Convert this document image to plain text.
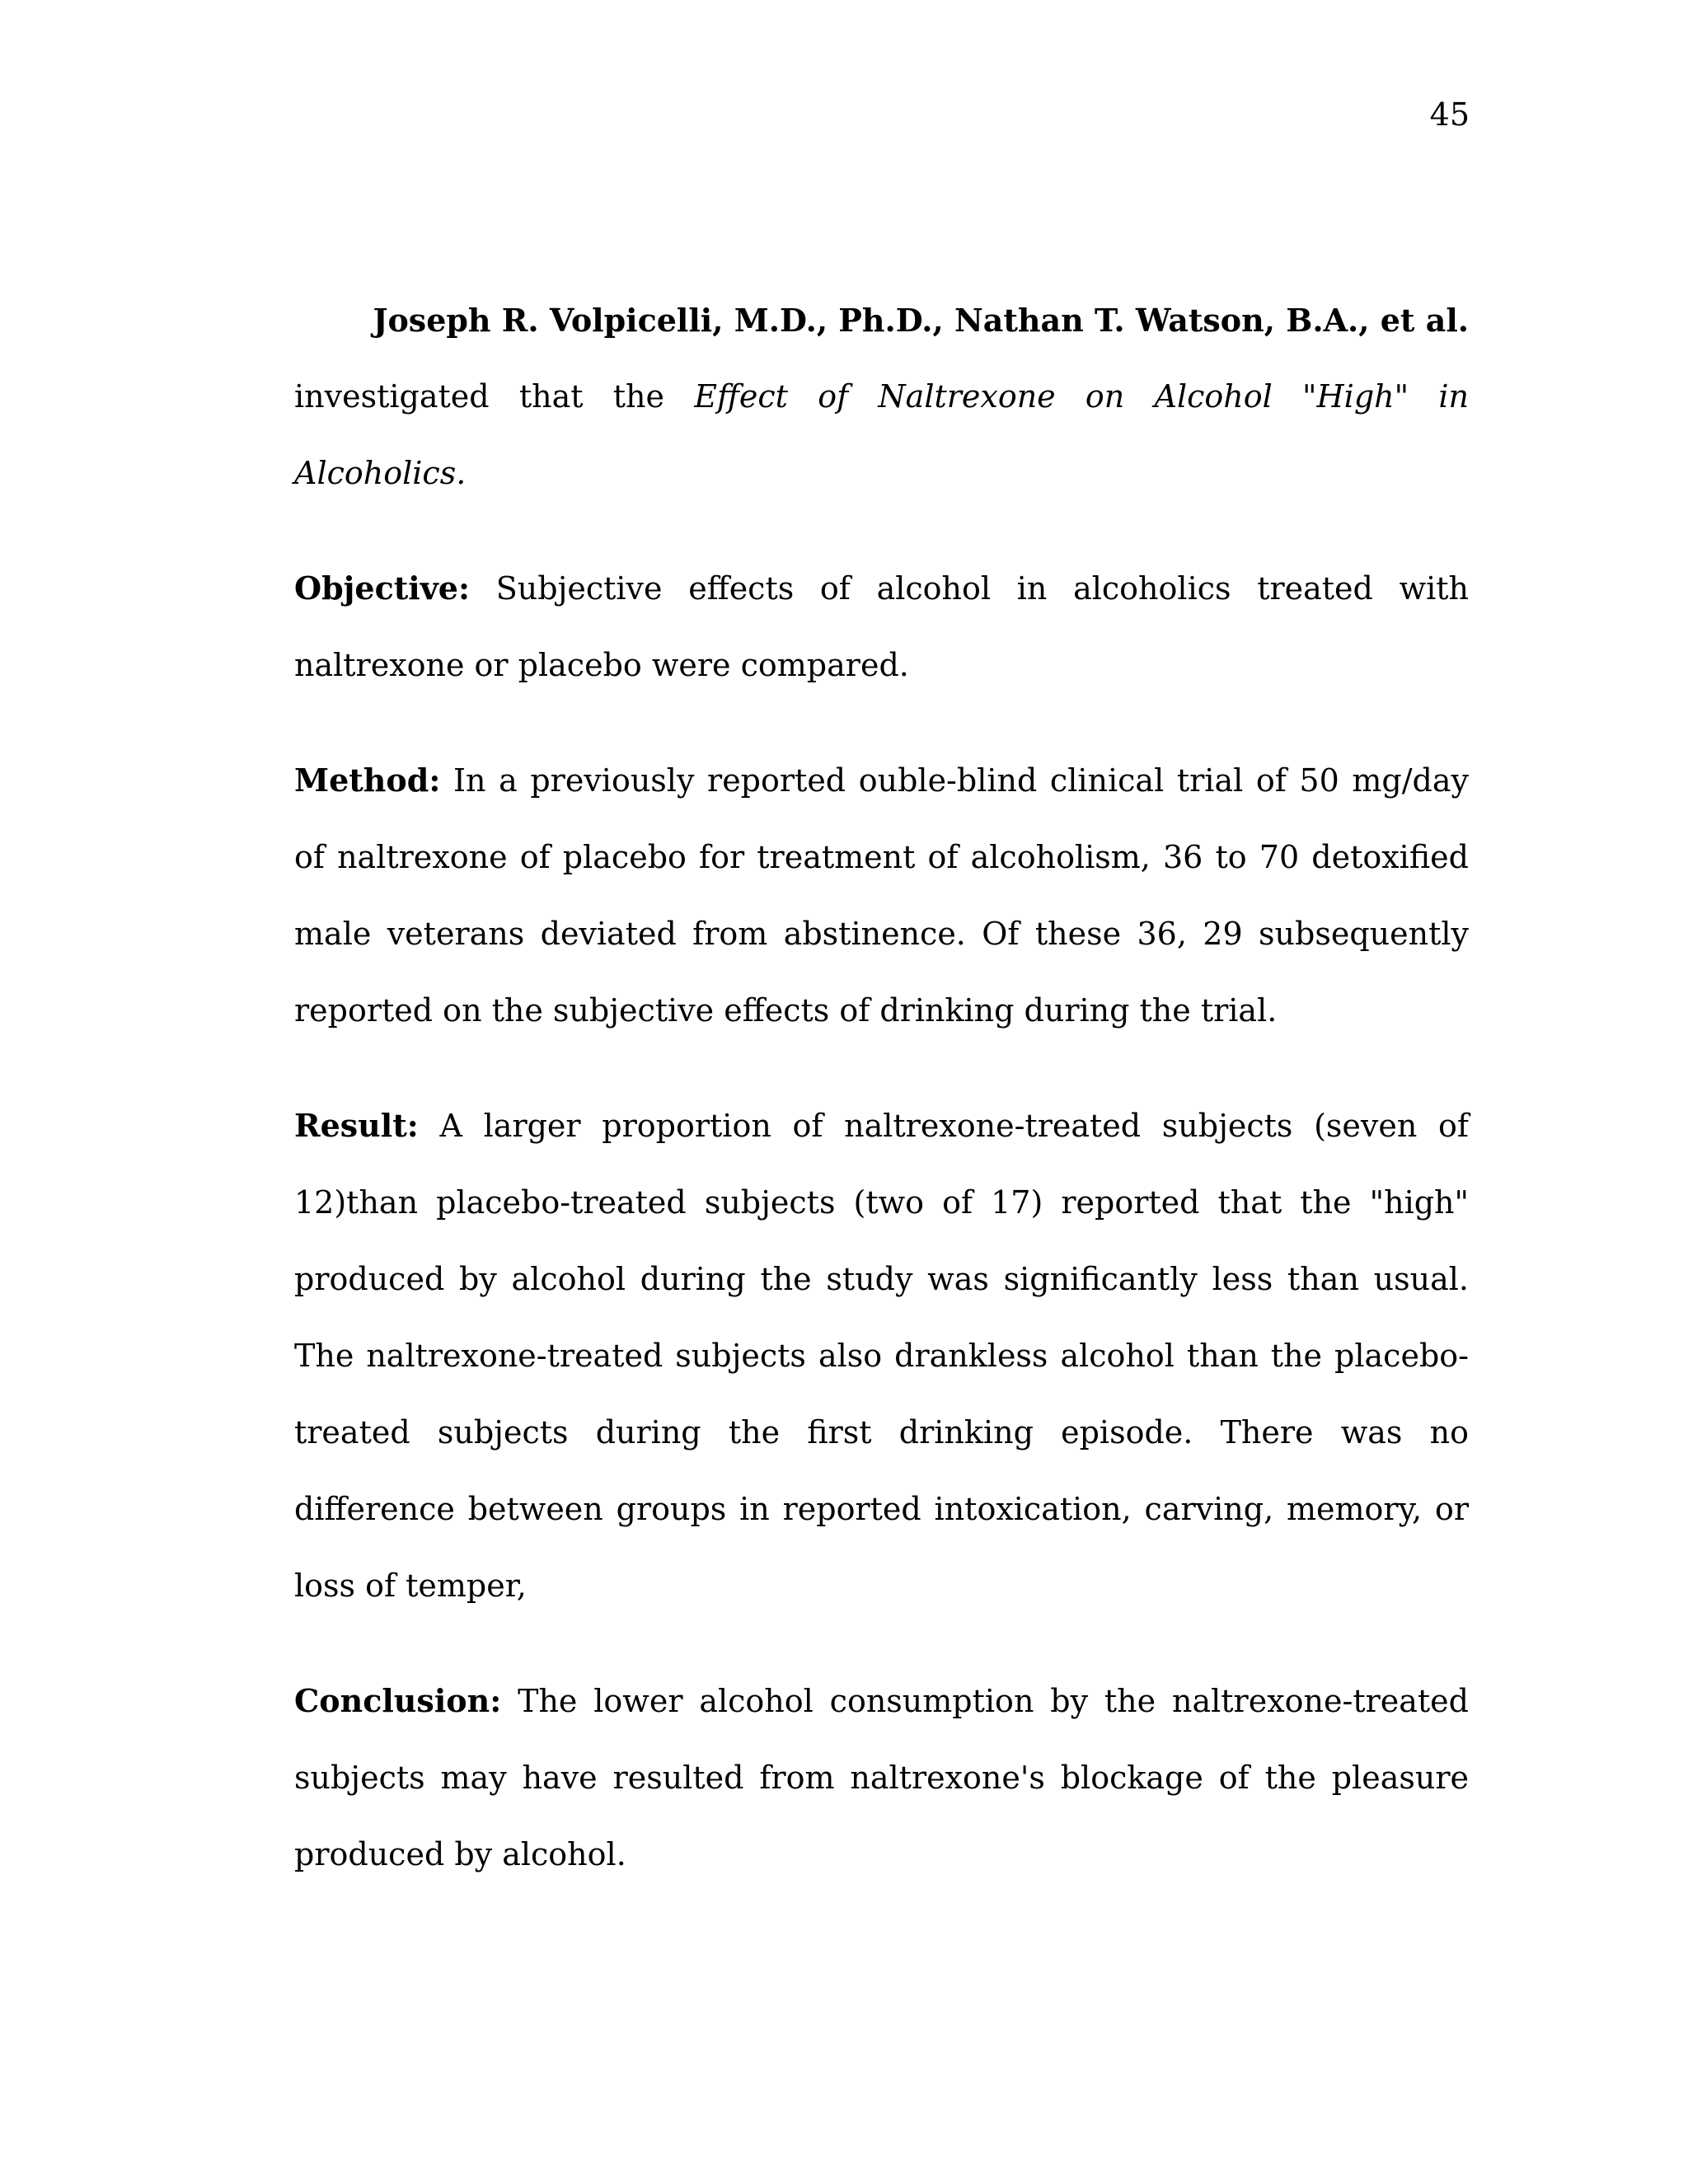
45

Joseph R. Volpicelli, M.D., Ph.D., Nathan T. Watson, B.A., et al.

investigated that the Effect of Naltrexone on Alcohol "High" in Alcoholics.

Objective: Subjective effects of alcohol in alcoholics treated with naltrexone or placebo were compared.

Method: In a previously reported ouble-blind clinical trial of 50 mg/day of naltrexone of placebo for treatment of alcoholism, 36 to 70 detoxified male veterans deviated from abstinence. Of these 36, 29 subsequently reported on the subjective effects of drinking during the trial.

Result: A larger proportion of naltrexone-treated subjects (seven of 12)than placebo-treated subjects (two of 17) reported that the "high" produced by alcohol during the study was significantly less than usual. The naltrexone-treated subjects also drankless alcohol than the placebo-treated subjects during the first drinking episode. There was no difference between groups in reported intoxication, carving, memory, or loss of temper,

Conclusion: The lower alcohol consumption by the naltrexone-treated subjects may have resulted from naltrexone's blockage of the pleasure produced by alcohol.
